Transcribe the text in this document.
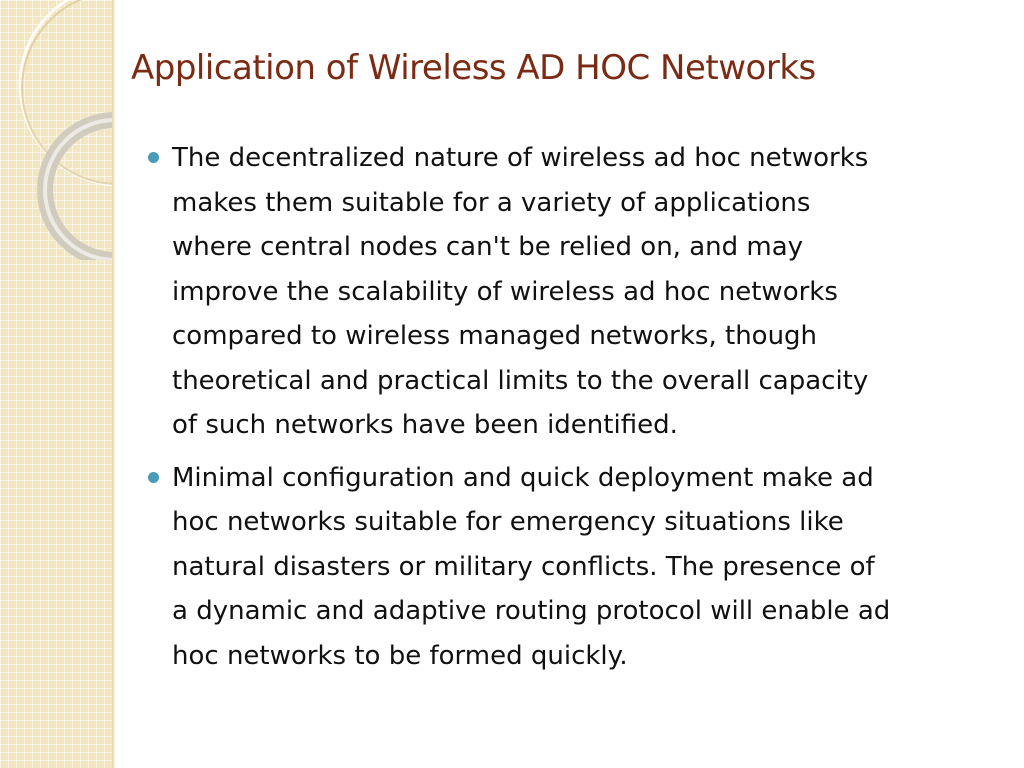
Application of Wireless AD HOC Networks
The decentralized nature of wireless ad hoc networks
makes them suitable for a variety of applications
where central nodes can't be relied on, and may
improve the scalability of wireless ad hoc networks
compared to wireless managed networks, though
theoretical and practical limits to the overall capacity
of such networks have been identified.
Minimal configuration and quick deployment make ad
hoc networks suitable for emergency situations like
natural disasters or military conflicts. The presence of
a dynamic and adaptive routing protocol will enable ad
hoc networks to be formed quickly.
